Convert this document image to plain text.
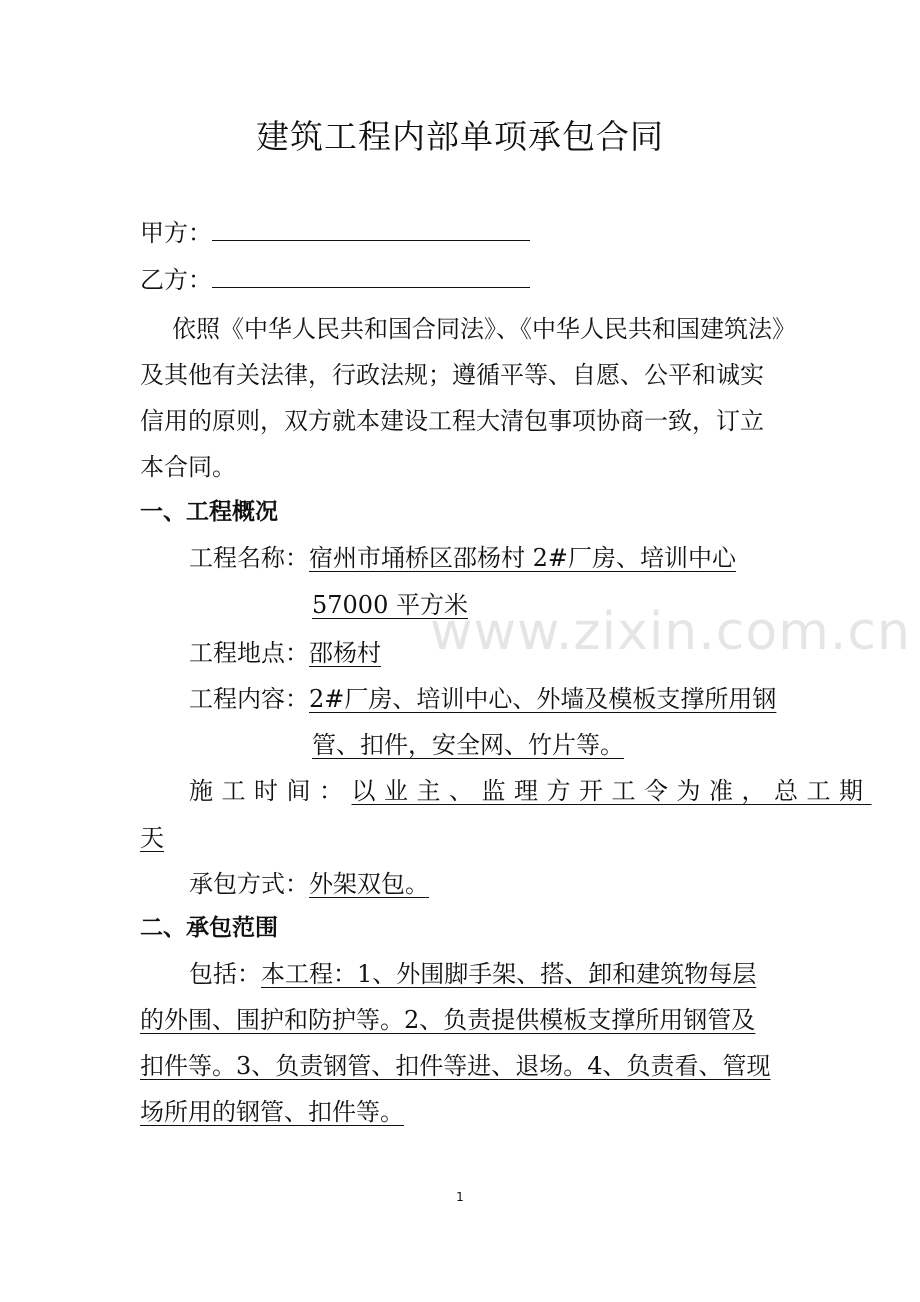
建筑工程内部单项承包合同
甲方：
乙方：
依照《中华人民共和国合同法》、《中华人民共和国建筑法》
及其他有关法律，行政法规；遵循平等、自愿、公平和诚实
信用的原则，双方就本建设工程大清包事项协商一致，订立
本合同。
一、工程概况
工程名称：宿州市埇桥区邵杨村 2#厂房、培训中心
57000 平方米
工程地点：邵杨村
工程内容：2#厂房、培训中心、外墙及模板支撑所用钢
管、扣件，安全网、竹片等。
施工时间：以业主、监理方开工令为准，总工期
天
承包方式：外架双包。
二、承包范围
包括：本工程：1、外围脚手架、搭、卸和建筑物每层
的外围、围护和防护等。2、负责提供模板支撑所用钢管及
扣件等。3、负责钢管、扣件等进、退场。4、负责看、管现
场所用的钢管、扣件等。
www.zixin.com.cn
1
